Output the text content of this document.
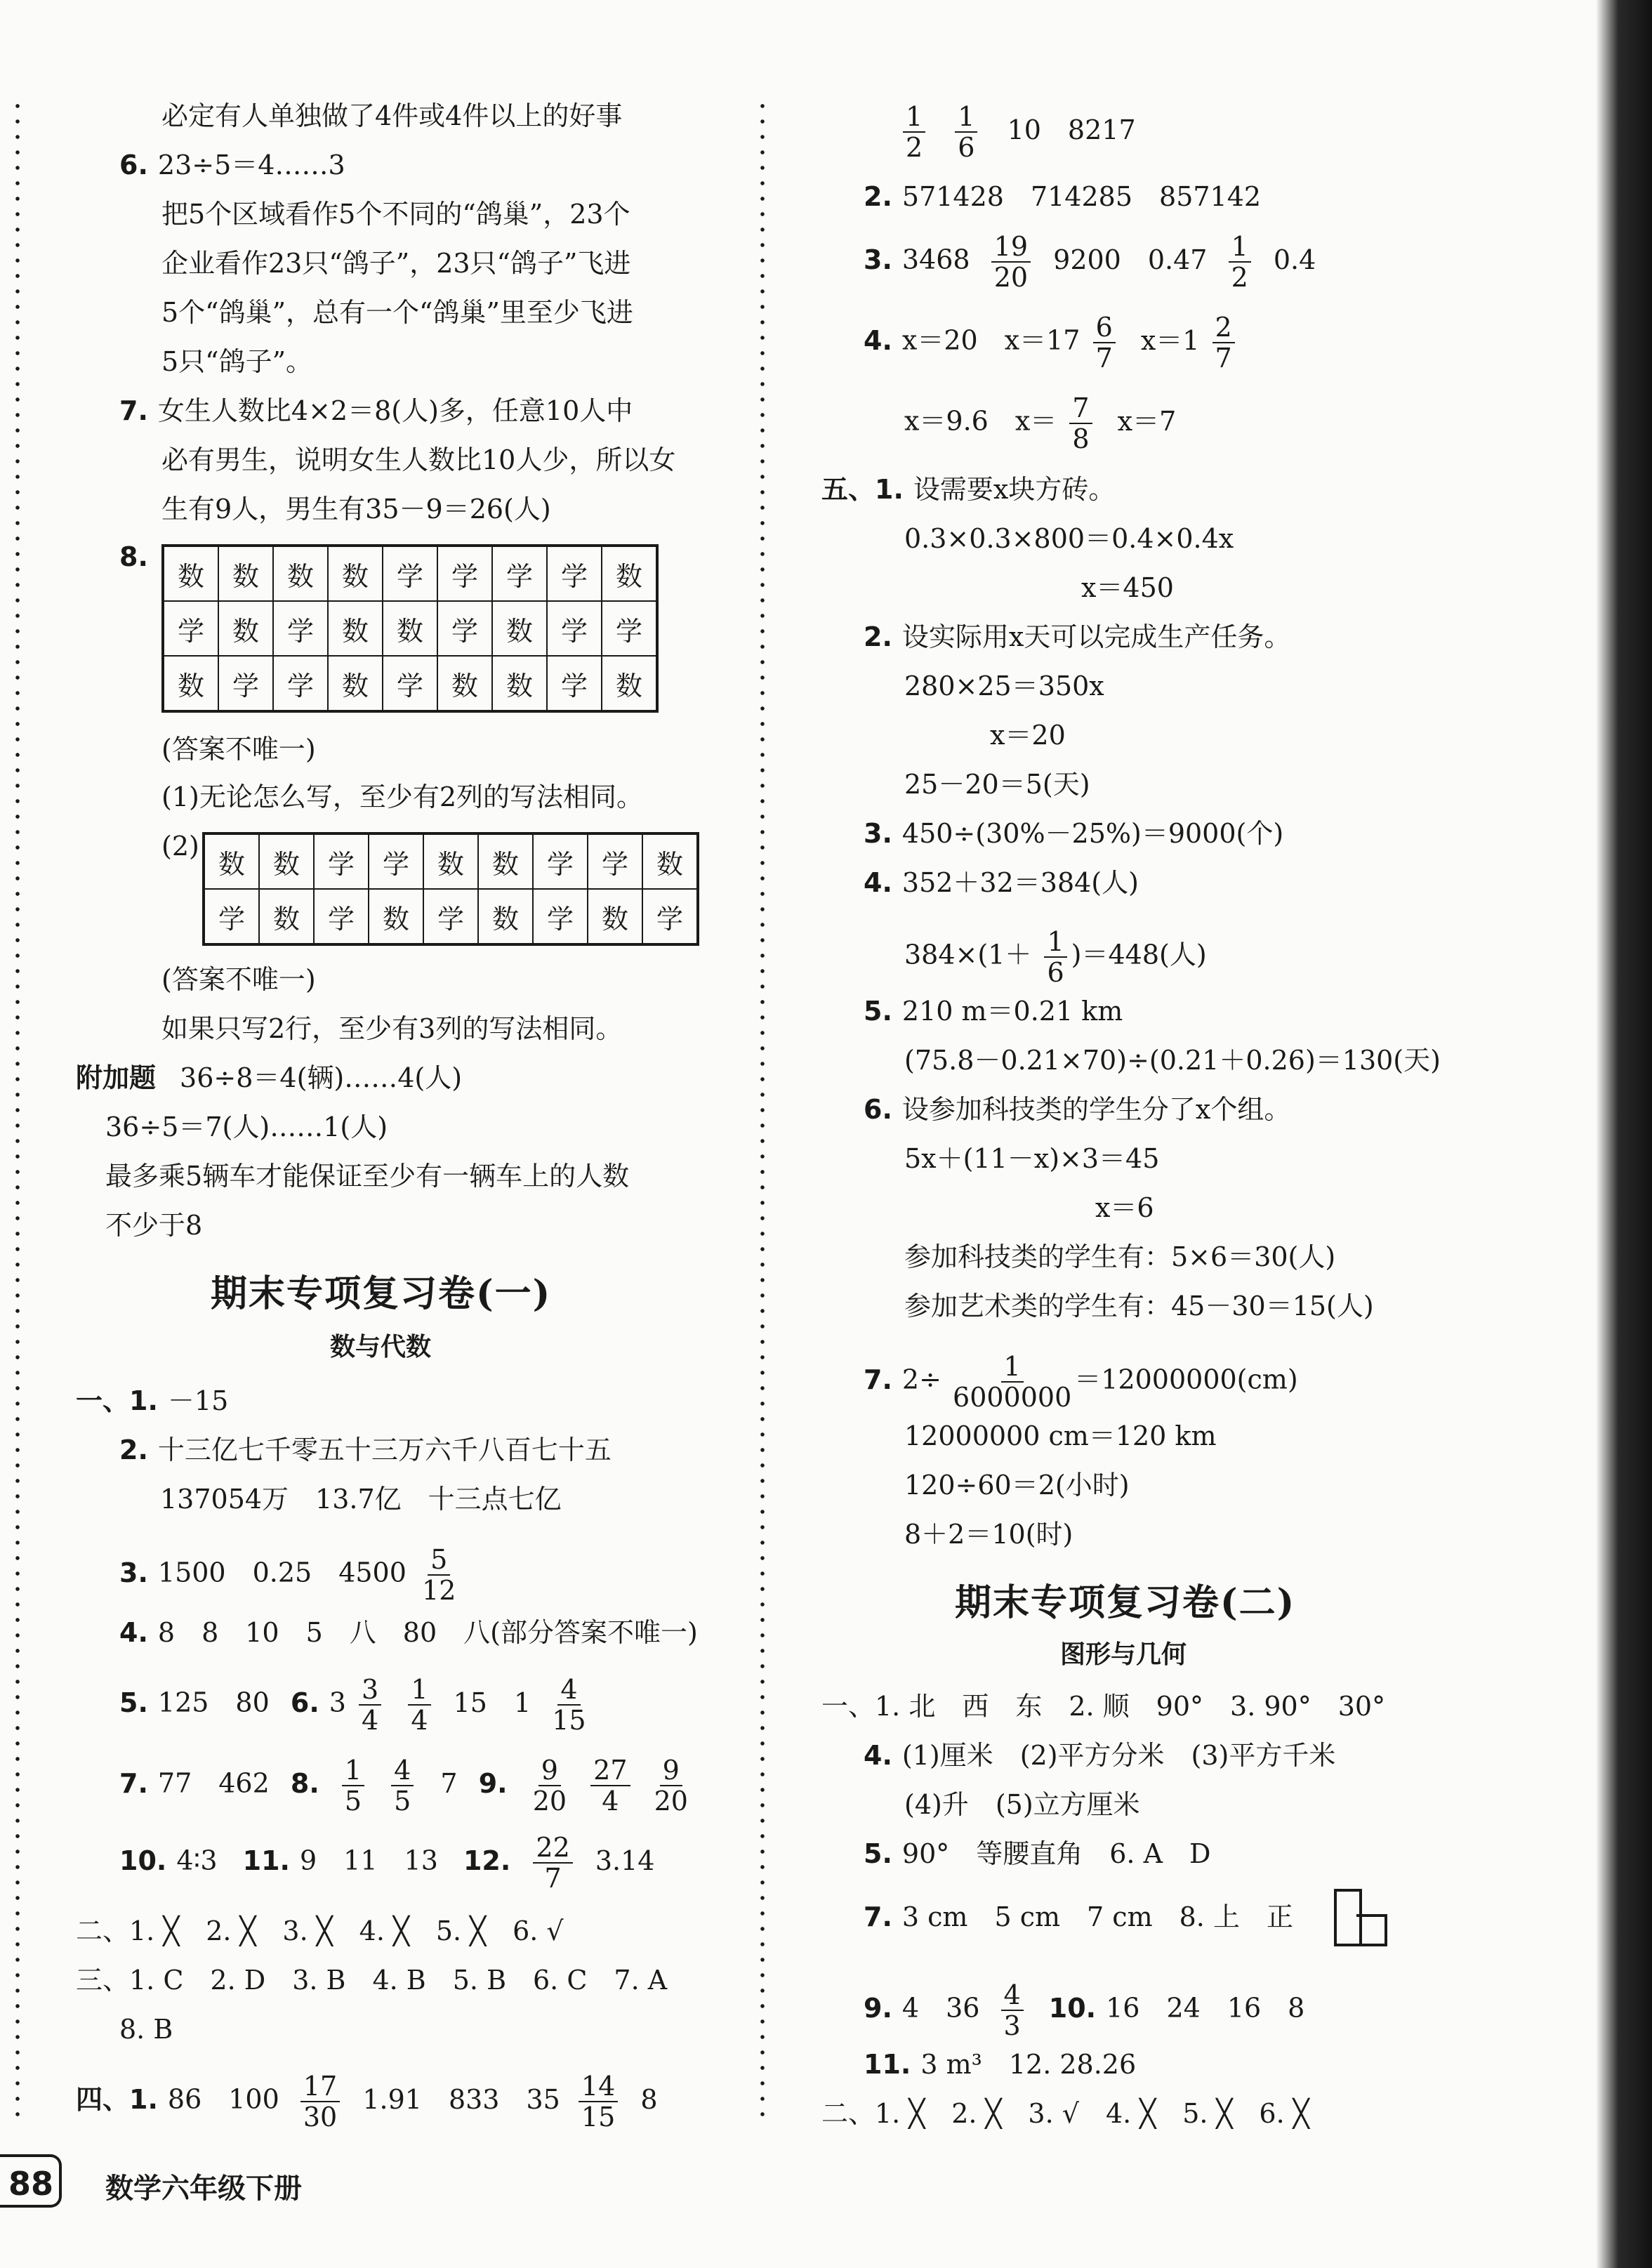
必定有人单独做了4件或4件以上的好事
6. 23÷5＝4……3
把5个区域看作5个不同的“鸽巢”，23个
企业看作23只“鸽子”，23只“鸽子”飞进
5个“鸽巢”，总有一个“鸽巢”里至少飞进
5只“鸽子”。
7. 女生人数比4×2＝8(人)多，任意10人中
必有男生，说明女生人数比10人少，所以女
生有9人，男生有35－9＝26(人)
8.
数	数	数	数	学	学	学	学	数
学	数	学	数	数	学	数	学	学
数	学	学	数	学	数	数	学	数
(答案不唯一)
(1)无论怎么写，至少有2列的写法相同。
(2)
数	数	学	学	数	数	学	学	数
学	数	学	数	学	数	学	数	学
(答案不唯一)
如果只写2行，至少有3列的写法相同。
附加题 36÷8＝4(辆)……4(人)
36÷5＝7(人)……1(人)
最多乘5辆车才能保证至少有一辆车上的人数
不少于8
期末专项复习卷(一)
数与代数
一、1. －15
2. 十三亿七千零五十三万六千八百七十五
137054万　13.7亿　十三点七亿
3. 1500　0.25　$4500 \frac{5}{12}$
4. 8　8　10　5　八　80　八(部分答案不唯一)
5. 125　80 6. $3 \frac{3}{4}$
$\frac{1}{4} 15$　$1 \frac{4}{15}$
7. 77　462 8. $\frac{1}{5}$
$\frac{4}{5} 7$ 9. $\frac{9}{20}$
$\frac{27}{4}$
$\frac{9}{20}$
10. 4∶3 11. 9　11　13 12. $\frac{22}{7} 3.14$
二、1. ╳　2. ╳　3. ╳　4. ╳　5. ╳　6. √
三、1. C　2. D　3. B　4. B　5. B　6. C　7. A
8. B
四、1. 86　$100 \frac{17}{30} 1.91$　833　$35 \frac{14}{15} 8$
$\frac{1}{2}$
$\frac{1}{6} 10$　8217
2. 571428　714285　857142
3. $3468 \frac{19}{20} 9200$　$0.47 \frac{1}{2} 0.4$
4. x＝20　$x=17 \frac{6}{7} x=1 \frac{2}{7}$
x＝9.6　$x= \frac{7}{8} x=7$
五、1. 设需要x块方砖。
0.3×0.3×800＝0.4×0.4x
x＝450
2. 设实际用x天可以完成生产任务。
280×25＝350x
x＝20
25－20＝5(天)
3. 450÷(30%－25%)＝9000(个)
4. 352＋32＝384(人)
$384\times(1+ \frac{1}{6} )=448$(人)
5. 210 m＝0.21 km
(75.8－0.21×70)÷(0.21＋0.26)＝130(天)
6. 设参加科技类的学生分了x个组。
5x＋(11－x)×3＝45
x＝6
参加科技类的学生有：5×6＝30(人)
参加艺术类的学生有：45－30＝15(人)
7. $2\div \frac{1}{6000000} =12000000(cm)$
12000000 cm＝120 km
120÷60＝2(小时)
8＋2＝10(时)
期末专项复习卷(二)
图形与几何
一、1. 北　西　东　2. 顺　90°　3. 90°　30°
4. (1)厘米　(2)平方分米　(3)平方千米
(4)升　(5)立方厘米
5. 90°　等腰直角　6. A　D
7. 3 cm　5 cm　7 cm　8. 上　正
9. 4　$36 \frac{4}{3} 10$. 16　24　16　8
11. 3 m³　12. 28.26
二、1. ╳　2. ╳　3. √　4. ╳　5. ╳　6. ╳
88	数学六年级下册
